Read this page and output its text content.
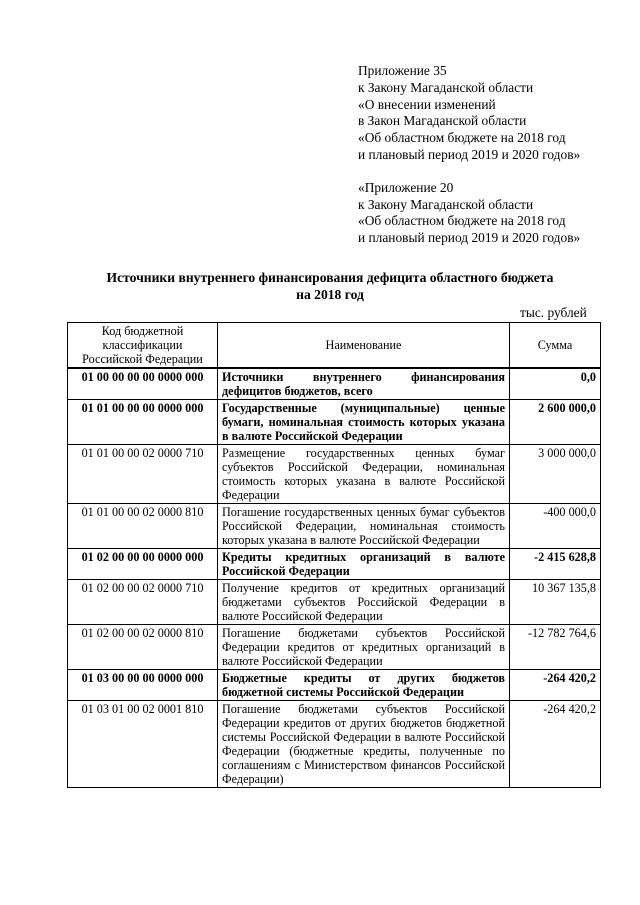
Приложение 35
к Закону Магаданской области
«О внесении изменений
в Закон Магаданской области
«Об областном бюджете на 2018 год
и плановый период 2019 и 2020 годов»
«Приложение 20
к Закону Магаданской области
«Об областном бюджете на 2018 год
и плановый период 2019 и 2020 годов»
Источники внутреннего финансирования дефицита областного бюджета
на 2018 год
тыс. рублей
Код бюджетной классификации Российской Федерации	Наименование	Сумма
01 00 00 00 00 0000 000	Источники внутреннего финансирования дефицитов бюджетов, всего	0,0
01 01 00 00 00 0000 000	Государственные (муниципальные) ценные бумаги, номинальная стоимость которых указана в валюте Российской Федерации	2 600 000,0
01 01 00 00 02 0000 710	Размещение государственных ценных бумаг субъектов Российской Федерации, номинальная стоимость которых указана в валюте Российской Федерации	3 000 000,0
01 01 00 00 02 0000 810	Погашение государственных ценных бумаг субъектов Российской Федерации, номинальная стоимость которых указана в валюте Российской Федерации	-400 000,0
01 02 00 00 00 0000 000	Кредиты кредитных организаций в валюте Российской Федерации	-2 415 628,8
01 02 00 00 02 0000 710	Получение кредитов от кредитных организаций бюджетами субъектов Российской Федерации в валюте Российской Федерации	10 367 135,8
01 02 00 00 02 0000 810	Погашение бюджетами субъектов Российской Федерации кредитов от кредитных организаций в валюте Российской Федерации	-12 782 764,6
01 03 00 00 00 0000 000	Бюджетные кредиты от других бюджетов бюджетной системы Российской Федерации	-264 420,2
01 03 01 00 02 0001 810	Погашение бюджетами субъектов Российской Федерации кредитов от других бюджетов бюджетной системы Российской Федерации в валюте Российской Федерации (бюджетные кредиты, полученные по соглашениям с Министерством финансов Российской Федерации)	-264 420,2
